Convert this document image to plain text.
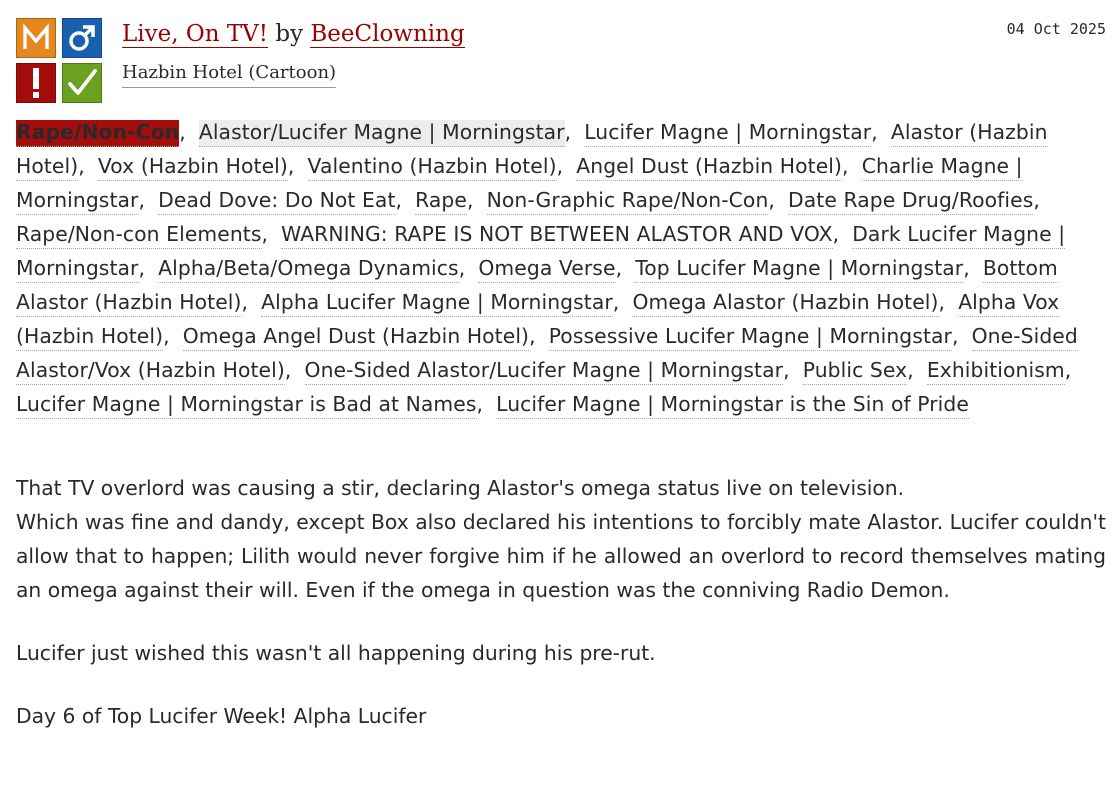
Live, On TV! by BeeClowning
Hazbin Hotel (Cartoon)
04 Oct 2025
Rape/Non-Con,  Alastor/Lucifer Magne | Morningstar,  Lucifer Magne | Morningstar,  Alastor (Hazbin Hotel),  Vox (Hazbin Hotel),  Valentino (Hazbin Hotel),  Angel Dust (Hazbin Hotel),  Charlie Magne | Morningstar,  Dead Dove: Do Not Eat,  Rape,  Non-Graphic Rape/Non-Con,  Date Rape Drug/Roofies,  Rape/Non-con Elements,  WARNING: RAPE IS NOT BETWEEN ALASTOR AND VOX,  Dark Lucifer Magne | Morningstar,  Alpha/Beta/Omega Dynamics,  Omega Verse,  Top Lucifer Magne | Morningstar,  Bottom Alastor (Hazbin Hotel),  Alpha Lucifer Magne | Morningstar,  Omega Alastor (Hazbin Hotel),  Alpha Vox (Hazbin Hotel),  Omega Angel Dust (Hazbin Hotel),  Possessive Lucifer Magne | Morningstar,  One-Sided Alastor/Vox (Hazbin Hotel),  One-Sided Alastor/Lucifer Magne | Morningstar,  Public Sex,  Exhibitionism,  Lucifer Magne | Morningstar is Bad at Names,  Lucifer Magne | Morningstar is the Sin of Pride

That TV overlord was causing a stir, declaring Alastor's omega status live on television.
Which was fine and dandy, except Box also declared his intentions to forcibly mate Alastor. Lucifer couldn't allow that to happen; Lilith would never forgive him if he allowed an overlord to record themselves mating an omega against their will. Even if the omega in question was the conniving Radio Demon.

Lucifer just wished this wasn't all happening during his pre-rut.

Day 6 of Top Lucifer Week! Alpha Lucifer
